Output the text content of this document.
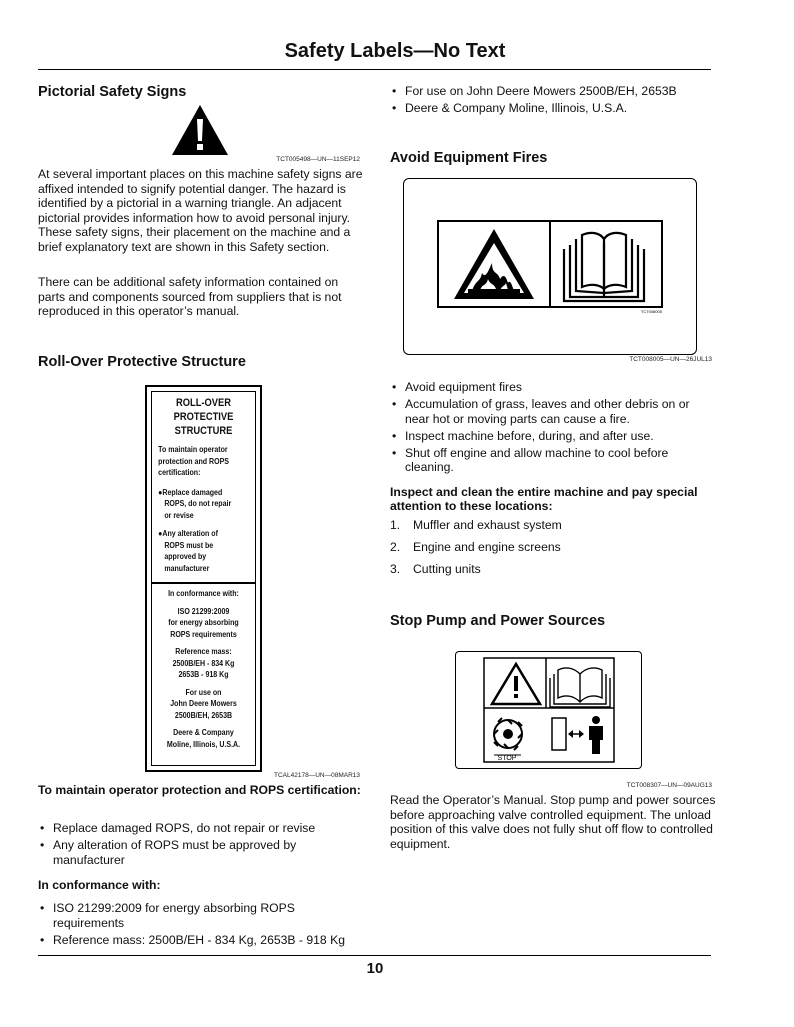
Safety Labels—No Text
Pictorial Safety Signs
TCT005498—UN—11SEP12
At several important places on this machine safety signs are affixed intended to signify potential danger. The hazard is identified by a pictorial in a warning triangle. An adjacent pictorial provides information how to avoid personal injury. These safety signs, their placement on the machine and a brief explanatory text are shown in this Safety section.
There can be additional safety information contained on parts and components sourced from suppliers that is not reproduced in this operator’s manual.
Roll-Over Protective Structure
ROLL-OVER
PROTECTIVE
STRUCTURE
To maintain operator
protection and ROPS
certification:
●Replace damaged
ROPS, do not repair
or revise
●Any alteration of
ROPS must be
approved by
manufacturer
In conformance with:
ISO 21299:2009
for energy absorbing
ROPS requirements
Reference mass:
2500B/EH - 834 Kg
2653B - 918 Kg
For use on
John Deere Mowers
2500B/EH, 2653B
Deere & Company
Moline, Illinois, U.S.A.
TCAL42178—UN—08MAR13
To maintain operator protection and ROPS certification:
• Replace damaged ROPS, do not repair or revise
• Any alteration of ROPS must be approved by manufacturer
In conformance with:
• ISO 21299:2009 for energy absorbing ROPS requirements
• Reference mass: 2500B/EH - 834 Kg, 2653B - 918 Kg
• For use on John Deere Mowers 2500B/EH, 2653B
• Deere & Company Moline, Illinois, U.S.A.
Avoid Equipment Fires
TCT008005
TCT008005—UN—26JUL13
• Avoid equipment fires
• Accumulation of grass, leaves and other debris on or near hot or moving parts can cause a fire.
• Inspect machine before, during, and after use.
• Shut off engine and allow machine to cool before cleaning.
Inspect and clean the entire machine and pay special attention to these locations:
1. Muffler and exhaust system
2. Engine and engine screens
3. Cutting units
Stop Pump and Power Sources
STOP
TCT008307—UN—09AUG13
Read the Operator’s Manual. Stop pump and power sources before approaching valve controlled equipment. The unload position of this valve does not fully shut off flow to controlled equipment.
10
